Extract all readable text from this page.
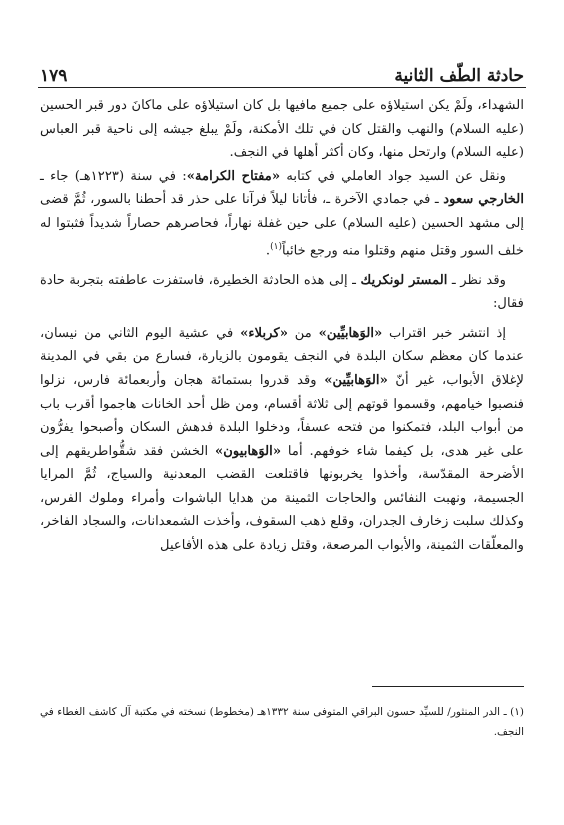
حادثة الطّف الثانية
١٧٩

الشهداء، ولَمْ يكن استيلاؤه على جميع مافيها بل كان استيلاؤه على ماكانَ دور قبر الحسين (عليه السلام) والنهب والقتل كان في تلك الأمكنة، ولَمْ يبلغ جيشه إلى ناحية قبر العباس (عليه السلام) وارتحل منها، وكان أكثر أهلها في النجف.

ونقل عن السيد جواد العاملي في كتابه «مفتاح الكرامة»: في سنة (١٢٢٣هـ) جاء ـ الخارجي سعود ـ في جمادي الآخرة ـ، فأتانا ليلاً فرآنا على حذر قد أحطنا بالسور، ثُمَّ قضى إلى مشهد الحسين (عليه السلام) على حين غفلة نهاراً، فحاصرهم حصاراً شديداً فثبتوا له خلف السور وقتل منهم وقتلوا منه ورجع خائباً$^{(١)}$.

وقد نظر ـ المستر لونكريك ـ إلى هذه الحادثة الخطيرة، فاستفزت عاطفته بتجربة حادة فقال:

إذ انتشر خبر اقتراب «الوَهابيِّين» من «كربلاء» في عشية اليوم الثاني من نيسان، عندما كان معظم سكان البلدة في النجف يقومون بالزيارة، فسارع من بقي في المدينة لإغلاق الأبواب، غير أنّ «الوَهابيِّين» وقد قدروا بستمائة هجان وأربعمائة فارس، نزلوا فنصبوا خيامهم، وقسموا قوتهم إلى ثلاثة أقسام، ومن ظل أحد الخانات هاجموا أقرب باب من أبواب البلد، فتمكنوا من فتحه عسفاً، ودخلوا البلدة فدهش السكان وأصبحوا يفرُّون على غير هدى، بل كيفما شاء خوفهم. أما «الوَهابيون» الخشن فقد شقُّواطريقهم إلى الأضرحة المقدّسة، وأخذوا يخربونها فاقتلعت القضب المعدنية والسياج، ثُمَّ المرايا الجسيمة، ونهبت النفائس والحاجات الثمينة من هدايا الباشوات وأمراء وملوك الفرس، وكذلك سلبت زخارف الجدران، وقلع ذهب السقوف، وأخذت الشمعدانات، والسجاد الفاخر، والمعلّقات الثمينة، والأبواب المرصعة، وقتل زيادة على هذه الأفاعيل

(١) ـ الدر المنثور/ للسيِّد حسون البراقي المتوفى سنة ١٣٣٢هـ (مخطوط) نسخته في مكتبة آل كاشف الغطاء في النجف.
